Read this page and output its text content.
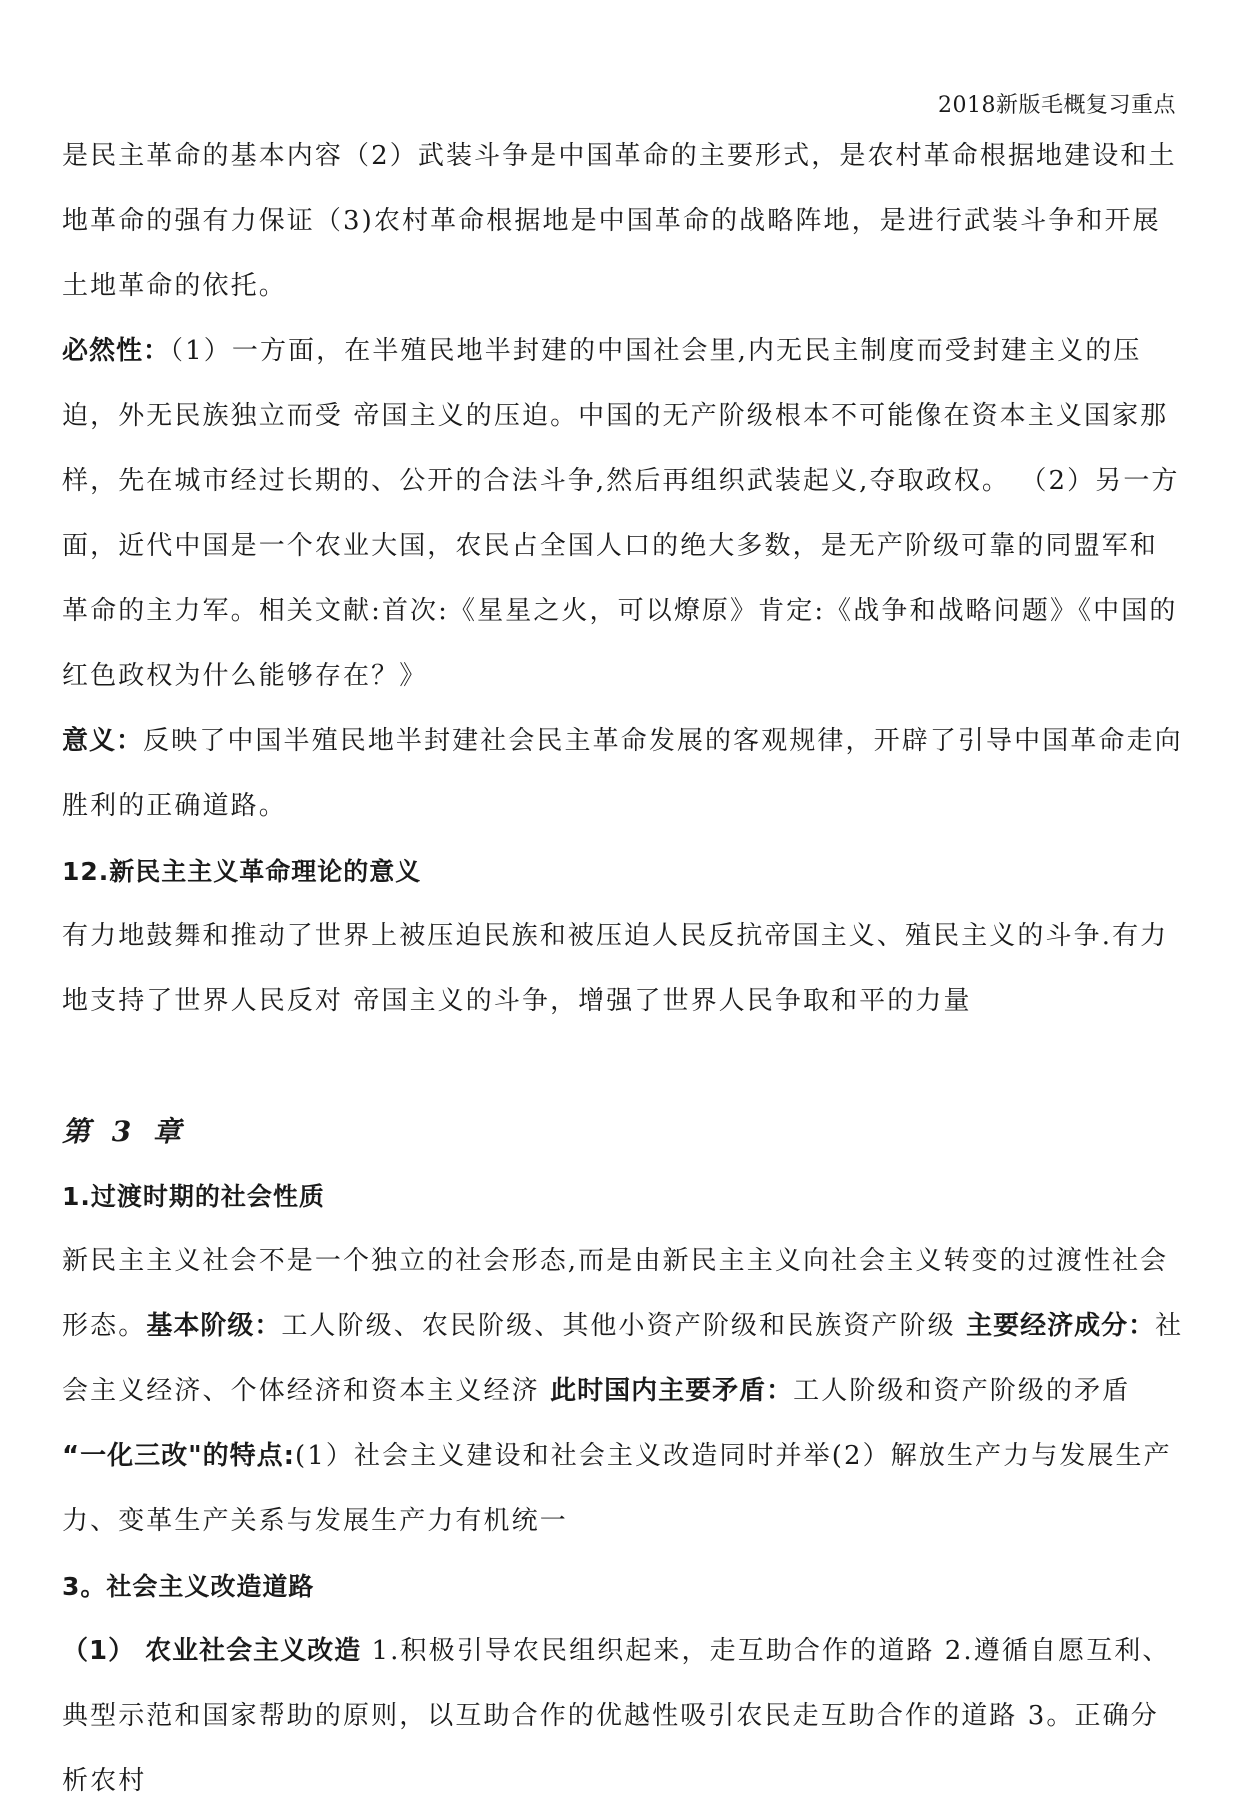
2018新版毛概复习重点

是民主革命的基本内容（2）武装斗争是中国革命的主要形式，是农村革命根据地建设和土地革命的强有力保证（3)农村革命根据地是中国革命的战略阵地，是进行武装斗争和开展土地革命的依托。

必然性：（1）一方面，在半殖民地半封建的中国社会里,内无民主制度而受封建主义的压迫，外无民族独立而受 帝国主义的压迫。中国的无产阶级根本不可能像在资本主义国家那样，先在城市经过长期的、公开的合法斗争,然后再组织武装起义,夺取政权。 （2）另一方面，近代中国是一个农业大国，农民占全国人口的绝大多数，是无产阶级可靠的同盟军和革命的主力军。相关文献:首次:《星星之火，可以燎原》肯定:《战争和战略问题》《中国的红色政权为什么能够存在？》

意义：反映了中国半殖民地半封建社会民主革命发展的客观规律，开辟了引导中国革命走向胜利的正确道路。

12.新民主主义革命理论的意义

有力地鼓舞和推动了世界上被压迫民族和被压迫人民反抗帝国主义、殖民主义的斗争.有力地支持了世界人民反对 帝国主义的斗争，增强了世界人民争取和平的力量

第 3 章

1.过渡时期的社会性质

新民主主义社会不是一个独立的社会形态,而是由新民主主义向社会主义转变的过渡性社会形态。基本阶级：工人阶级、农民阶级、其他小资产阶级和民族资产阶级 主要经济成分：社会主义经济、个体经济和资本主义经济 此时国内主要矛盾：工人阶级和资产阶级的矛盾

“一化三改"的特点:(1）社会主义建设和社会主义改造同时并举(2）解放生产力与发展生产力、变革生产关系与发展生产力有机统一

3。社会主义改造道路

（1） 农业社会主义改造 1.积极引导农民组织起来，走互助合作的道路 2.遵循自愿互利、典型示范和国家帮助的原则，以互助合作的优越性吸引农民走互助合作的道路 3。正确分析农村
